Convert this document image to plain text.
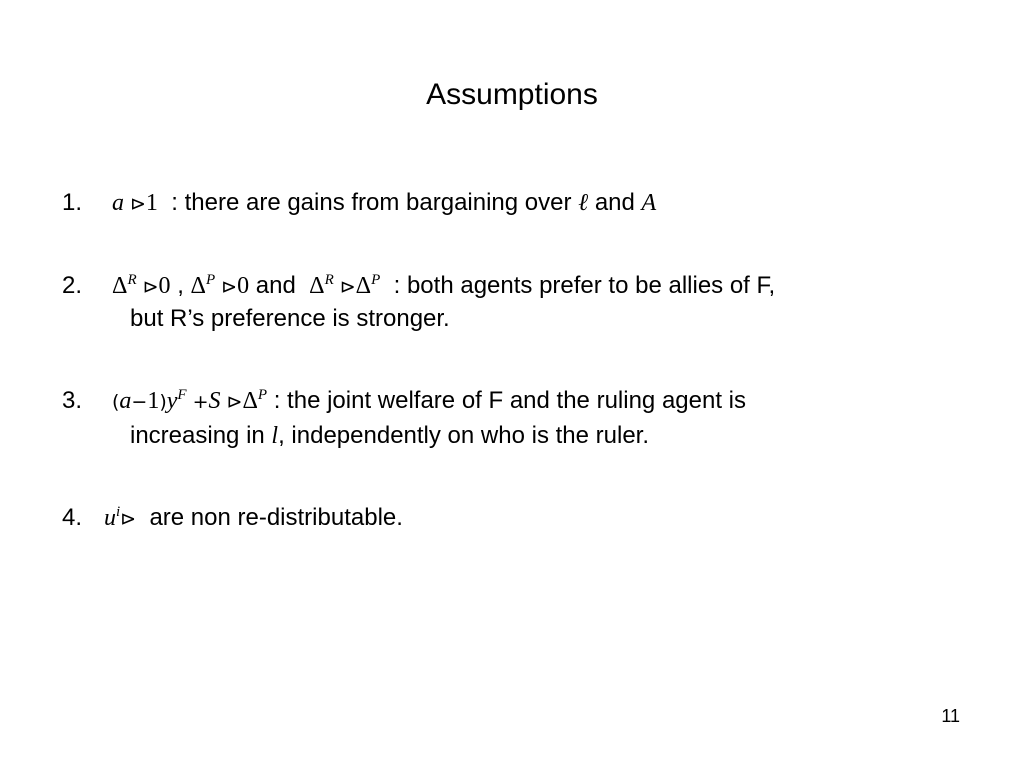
Assumptions
1. a ⊳1 : there are gains from bargaining over ℓ and A
2. $\Delta^R$ ⊳0 , $\Delta^P$ ⊳0 and $\Delta^R$ $⊳\Delta^P$ : both agents prefer to be allies of F,
but R’s preference is stronger.
3. $(a-1)y^F +S$ $⊳\Delta^P$ : the joint welfare of F and the ruling agent is
increasing in l, independently on who is the ruler.
4. $u^i⊳$ are non re-distributable.
11
